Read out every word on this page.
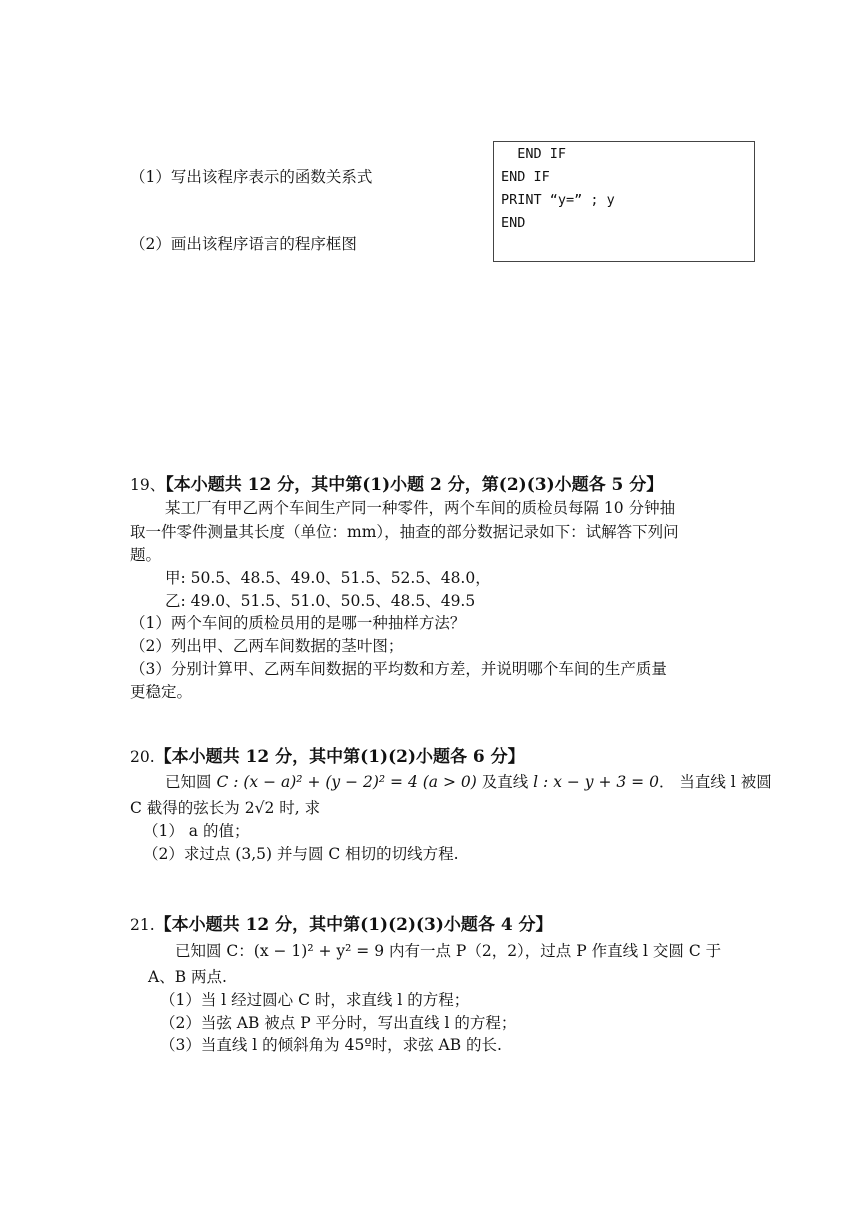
（1）写出该程序表示的函数关系式
（2）画出该程序语言的程序框图
END IF
END IF
PRINT “y=” ; y
END
19、【本小题共 12 分，其中第(1)小题 2 分，第(2)(3)小题各 5 分】
某工厂有甲乙两个车间生产同一种零件，两个车间的质检员每隔 10 分钟抽
取一件零件测量其长度（单位：mm），抽查的部分数据记录如下：试解答下列问
题。
甲: 50.5、48.5、49.0、51.5、52.5、48.0，
乙: 49.0、51.5、51.0、50.5、48.5、49.5
（1）两个车间的质检员用的是哪一种抽样方法？
（2）列出甲、乙两车间数据的茎叶图；
（3）分别计算甲、乙两车间数据的平均数和方差，并说明哪个车间的生产质量
更稳定。
20.【本小题共 12 分，其中第(1)(2)小题各 6 分】
已知圆 C : (x − a)² + (y − 2)² = 4 (a > 0) 及直线 l : x − y + 3 = 0． 当直线 l 被圆
C 截得的弦长为 2√2 时, 求
（1） a 的值；
（2）求过点 (3,5) 并与圆 C 相切的切线方程.
21.【本小题共 12 分，其中第(1)(2)(3)小题各 4 分】
已知圆 C：(x − 1)² + y² = 9 内有一点 P（2，2），过点 P 作直线 l 交圆 C 于
A、B 两点.
（1）当 l 经过圆心 C 时，求直线 l 的方程；
（2）当弦 AB 被点 P 平分时，写出直线 l 的方程；
（3）当直线 l 的倾斜角为 45º时，求弦 AB 的长.
